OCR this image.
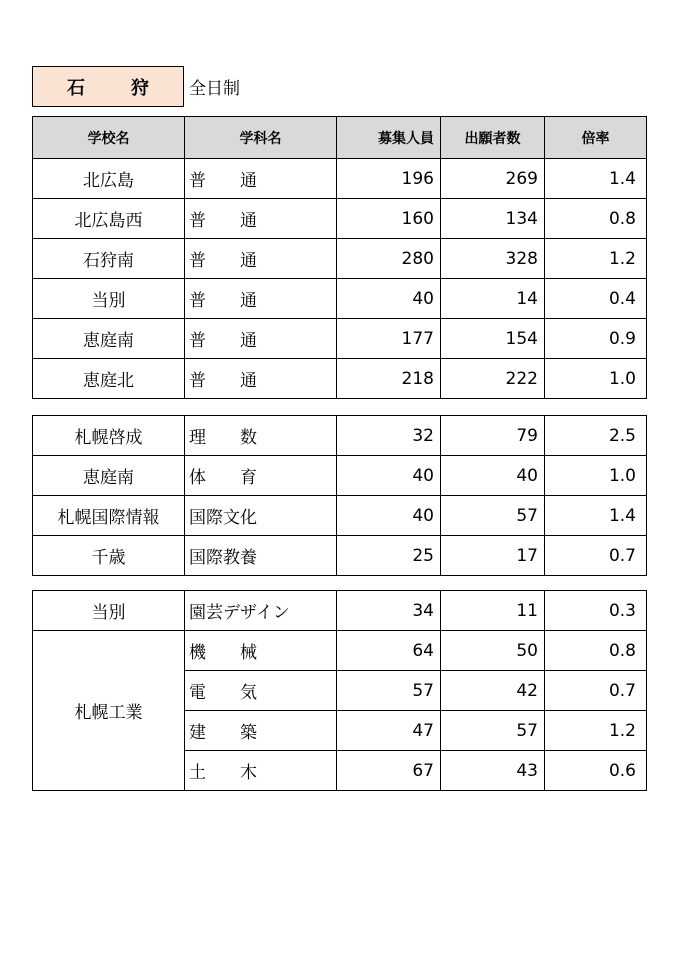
石　狩	全日制
学校名	学科名	募集人員	出願者数	倍率
北広島	普　　通	196	269	1.4
北広島西	普　　通	160	134	0.8
石狩南	普　　通	280	328	1.2
当別	普　　通	40	14	0.4
恵庭南	普　　通	177	154	0.9
恵庭北	普　　通	218	222	1.0
札幌啓成	理　　数	32	79	2.5
恵庭南	体　　育	40	40	1.0
札幌国際情報	国際文化	40	57	1.4
千歳	国際教養	25	17	0.7
当別	園芸デザイン	34	11	0.3
札幌工業	機　　械	64	50	0.8
	電　　気	57	42	0.7
	建　　築	47	57	1.2
	土　　木	67	43	0.6
